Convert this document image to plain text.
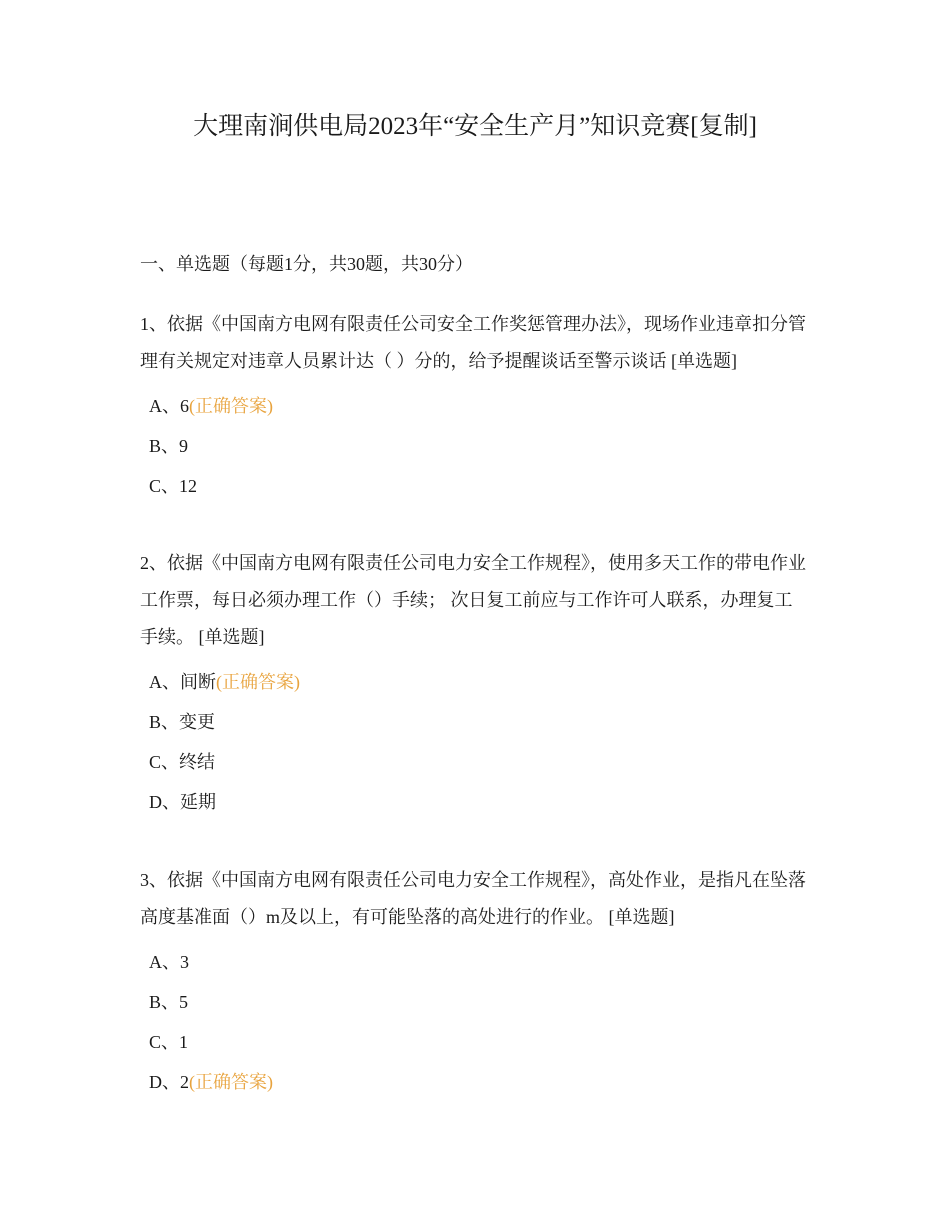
大理南涧供电局2023年“安全生产月”知识竞赛[复制]
一、单选题（每题1分，共30题，共30分）

1、依据《中国南方电网有限责任公司安全工作奖惩管理办法》，现场作业违章扣分管理有关规定对违章人员累计达（ ）分的，给予提醒谈话至警示谈话 [单选题]

A、6(正确答案)
B、9
C、12

2、依据《中国南方电网有限责任公司电力安全工作规程》，使用多天工作的带电作业工作票，每日必须办理工作（）手续； 次日复工前应与工作许可人联系，办理复工手续。 [单选题]

A、间断(正确答案)
B、变更
C、终结
D、延期

3、依据《中国南方电网有限责任公司电力安全工作规程》，高处作业，是指凡在坠落高度基准面（）m及以上，有可能坠落的高处进行的作业。 [单选题]

A、3
B、5
C、1
D、2(正确答案)
